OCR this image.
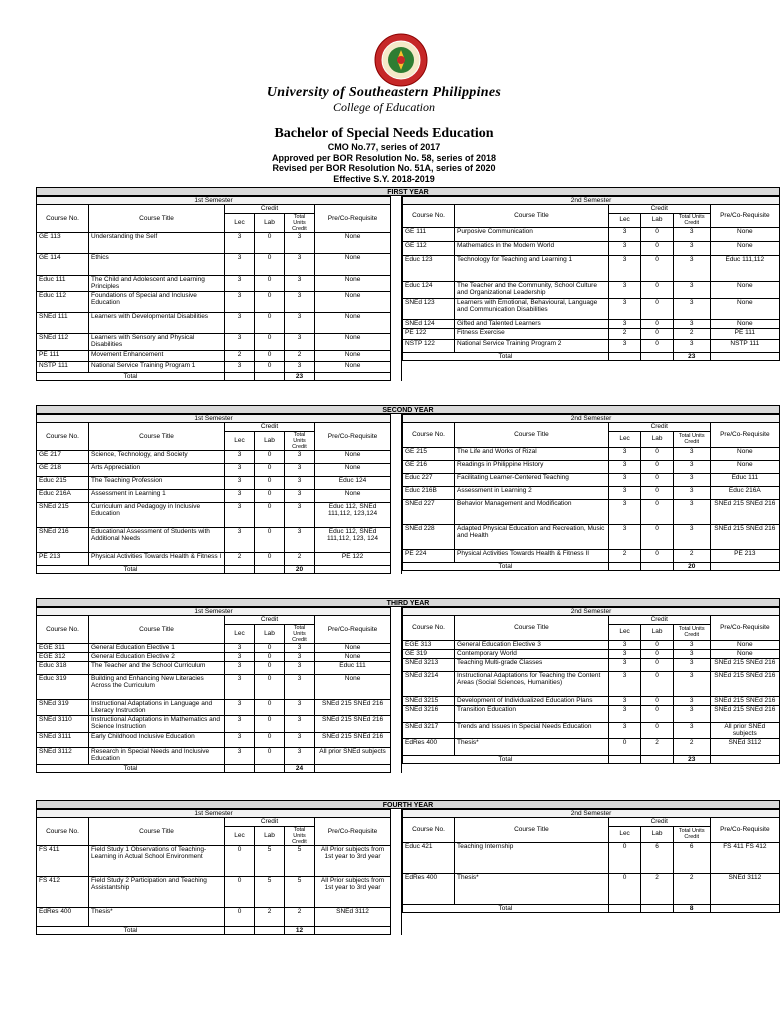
University of Southeastern Philippines
College of Education
Bachelor of Special Needs Education
CMO No.77, series of 2017
Approved per BOR Resolution No. 58, series of 2018
Revised per BOR Resolution No. 51A, series of 2020
Effective S.Y. 2018-2019
FIRST YEAR
1st Semester					
Course No.	Course Title	Credit			Pre/Co-Requisite
		Lec	Lab	Total Units Credit	
GE 113	Understanding the Self	3	0	3	None
GE 114	Ethics	3	0	3	None
Educ 111	The Child and Adolescent and Learning Principles	3	0	3	None
Educ 112	Foundations of Special and Inclusive Education	3	0	3	None
SNEd 111	Learners with Developmental Disabilities	3	0	3	None
SNEd 112	Learners with Sensory and Physical Disabilities	3	0	3	None
PE 111	Movement Enhancement	2	0	2	None
NSTP 111	National Service Training Program 1	3	0	3	None
Total				23	
2nd Semester					
Course No.	Course Title	Credit			Pre/Co-Requisite
		Lec	Lab	Total Units Credit	
GE 111	Purposive Communication	3	0	3	None
GE 112	Mathematics in the Modern World	3	0	3	None
Educ 123	Technology for Teaching and Learning 1	3	0	3	Educ 111,112
Educ 124	The Teacher and the Community, School Culture and Organizational Leadership	3	0	3	None
SNEd 123	Learners with Emotional, Behavioural, Language and Communication Disabilities	3	0	3	None
SNEd 124	Gifted and Talented Learners	3	0	3	None
PE 122	Fitness Exercise	2	0	2	PE 111
NSTP 122	National Service Training Program 2	3	0	3	NSTP 111
Total				23	
SECOND YEAR
1st Semester					
Course No.	Course Title	Credit			Pre/Co-Requisite
		Lec	Lab	Total Units Credit	
GE 217	Science, Technology, and Society	3	0	3	None
GE 218	Arts Appreciation	3	0	3	None
Educ 215	The Teaching Profession	3	0	3	Educ 124
Educ 216A	Assessment in Learning 1	3	0	3	None
SNEd 215	Curriculum and Pedagogy in Inclusive Education	3	0	3	Educ 112, SNEd 111,112, 123,124
SNEd 216	Educational Assessment of Students with Additional Needs	3	0	3	Educ 112, SNEd 111,112, 123, 124
PE 213	Physical Activities Towards Health & Fitness I	2	0	2	PE 122
Total				20	
2nd Semester					
Course No.	Course Title	Credit			Pre/Co-Requisite
		Lec	Lab	Total Units Credit	
GE 215	The Life and Works of Rizal	3	0	3	None
GE 216	Readings in Philippine History	3	0	3	None
Educ 227	Facilitating Learner-Centered Teaching	3	0	3	Educ 111
Educ 216B	Assessment in Learning 2	3	0	3	Educ 216A
SNEd 227	Behavior Management and Modification	3	0	3	SNEd 215 SNEd 216
SNEd 228	Adapted Physical Education and Recreation, Music and Health	3	0	3	SNEd 215 SNEd 216
PE 224	Physical Activities Towards Health & Fitness II	2	0	2	PE 213
Total				20	
THIRD YEAR
1st Semester					
Course No.	Course Title	Credit			Pre/Co-Requisite
		Lec	Lab	Total Units Credit	
EGE 311	General Education Elective 1	3	0	3	None
EGE 312	General Education Elective 2	3	0	3	None
Educ 318	The Teacher and the School Curriculum	3	0	3	Educ 111
Educ 319	Building and Enhancing New Literacies Across the Curriculum	3	0	3	None
SNEd 319	Instructional Adaptations in Language and Literacy Instruction	3	0	3	SNEd 215 SNEd 216
SNEd 3110	Instructional Adaptations in Mathematics and Science Instruction	3	0	3	SNEd 215 SNEd 216
SNEd 3111	Early Childhood Inclusive Education	3	0	3	SNEd 215 SNEd 216
SNEd 3112	Research in Special Needs and Inclusive Education	3	0	3	All prior SNEd subjects
Total				24	
2nd Semester					
Course No.	Course Title	Credit			Pre/Co-Requisite
		Lec	Lab	Total Units Credit	
EGE 313	General Education Elective 3	3	0	3	None
GE 319	Contemporary World	3	0	3	None
SNEd 3213	Teaching Multi-grade Classes	3	0	3	SNEd 215 SNEd 216
SNEd 3214	Instructional Adaptations for Teaching the Content Areas (Social Sciences, Humanities)	3	0	3	SNEd 215 SNEd 216
SNEd 3215	Development of Individualized Education Plans	3	0	3	SNEd 215 SNEd 216
SNEd 3216	Transition Education	3	0	3	SNEd 215 SNEd 216
SNEd 3217	Trends and Issues in Special Needs Education	3	0	3	All prior SNEd subjects
EdRes 400	Thesis*	0	2	2	SNEd 3112
Total				23	
FOURTH YEAR
1st Semester					
Course No.	Course Title	Credit			Pre/Co-Requisite
		Lec	Lab	Total Units Credit	
FS 411	Field Study 1 Observations of Teaching-Learning in Actual School Environment	0	5	5	All Prior subjects from 1st year to 3rd year
FS 412	Field Study 2 Participation and Teaching Assistantship	0	5	5	All Prior subjects from 1st year to 3rd year
EdRes 400	Thesis*	0	2	2	SNEd 3112
Total				12	
2nd Semester					
Course No.	Course Title	Credit			Pre/Co-Requisite
		Lec	Lab	Total Units Credit	
Educ 421	Teaching Internship	0	6	6	FS 411 FS 412
EdRes 400	Thesis*	0	2	2	SNEd 3112
Total				8	
